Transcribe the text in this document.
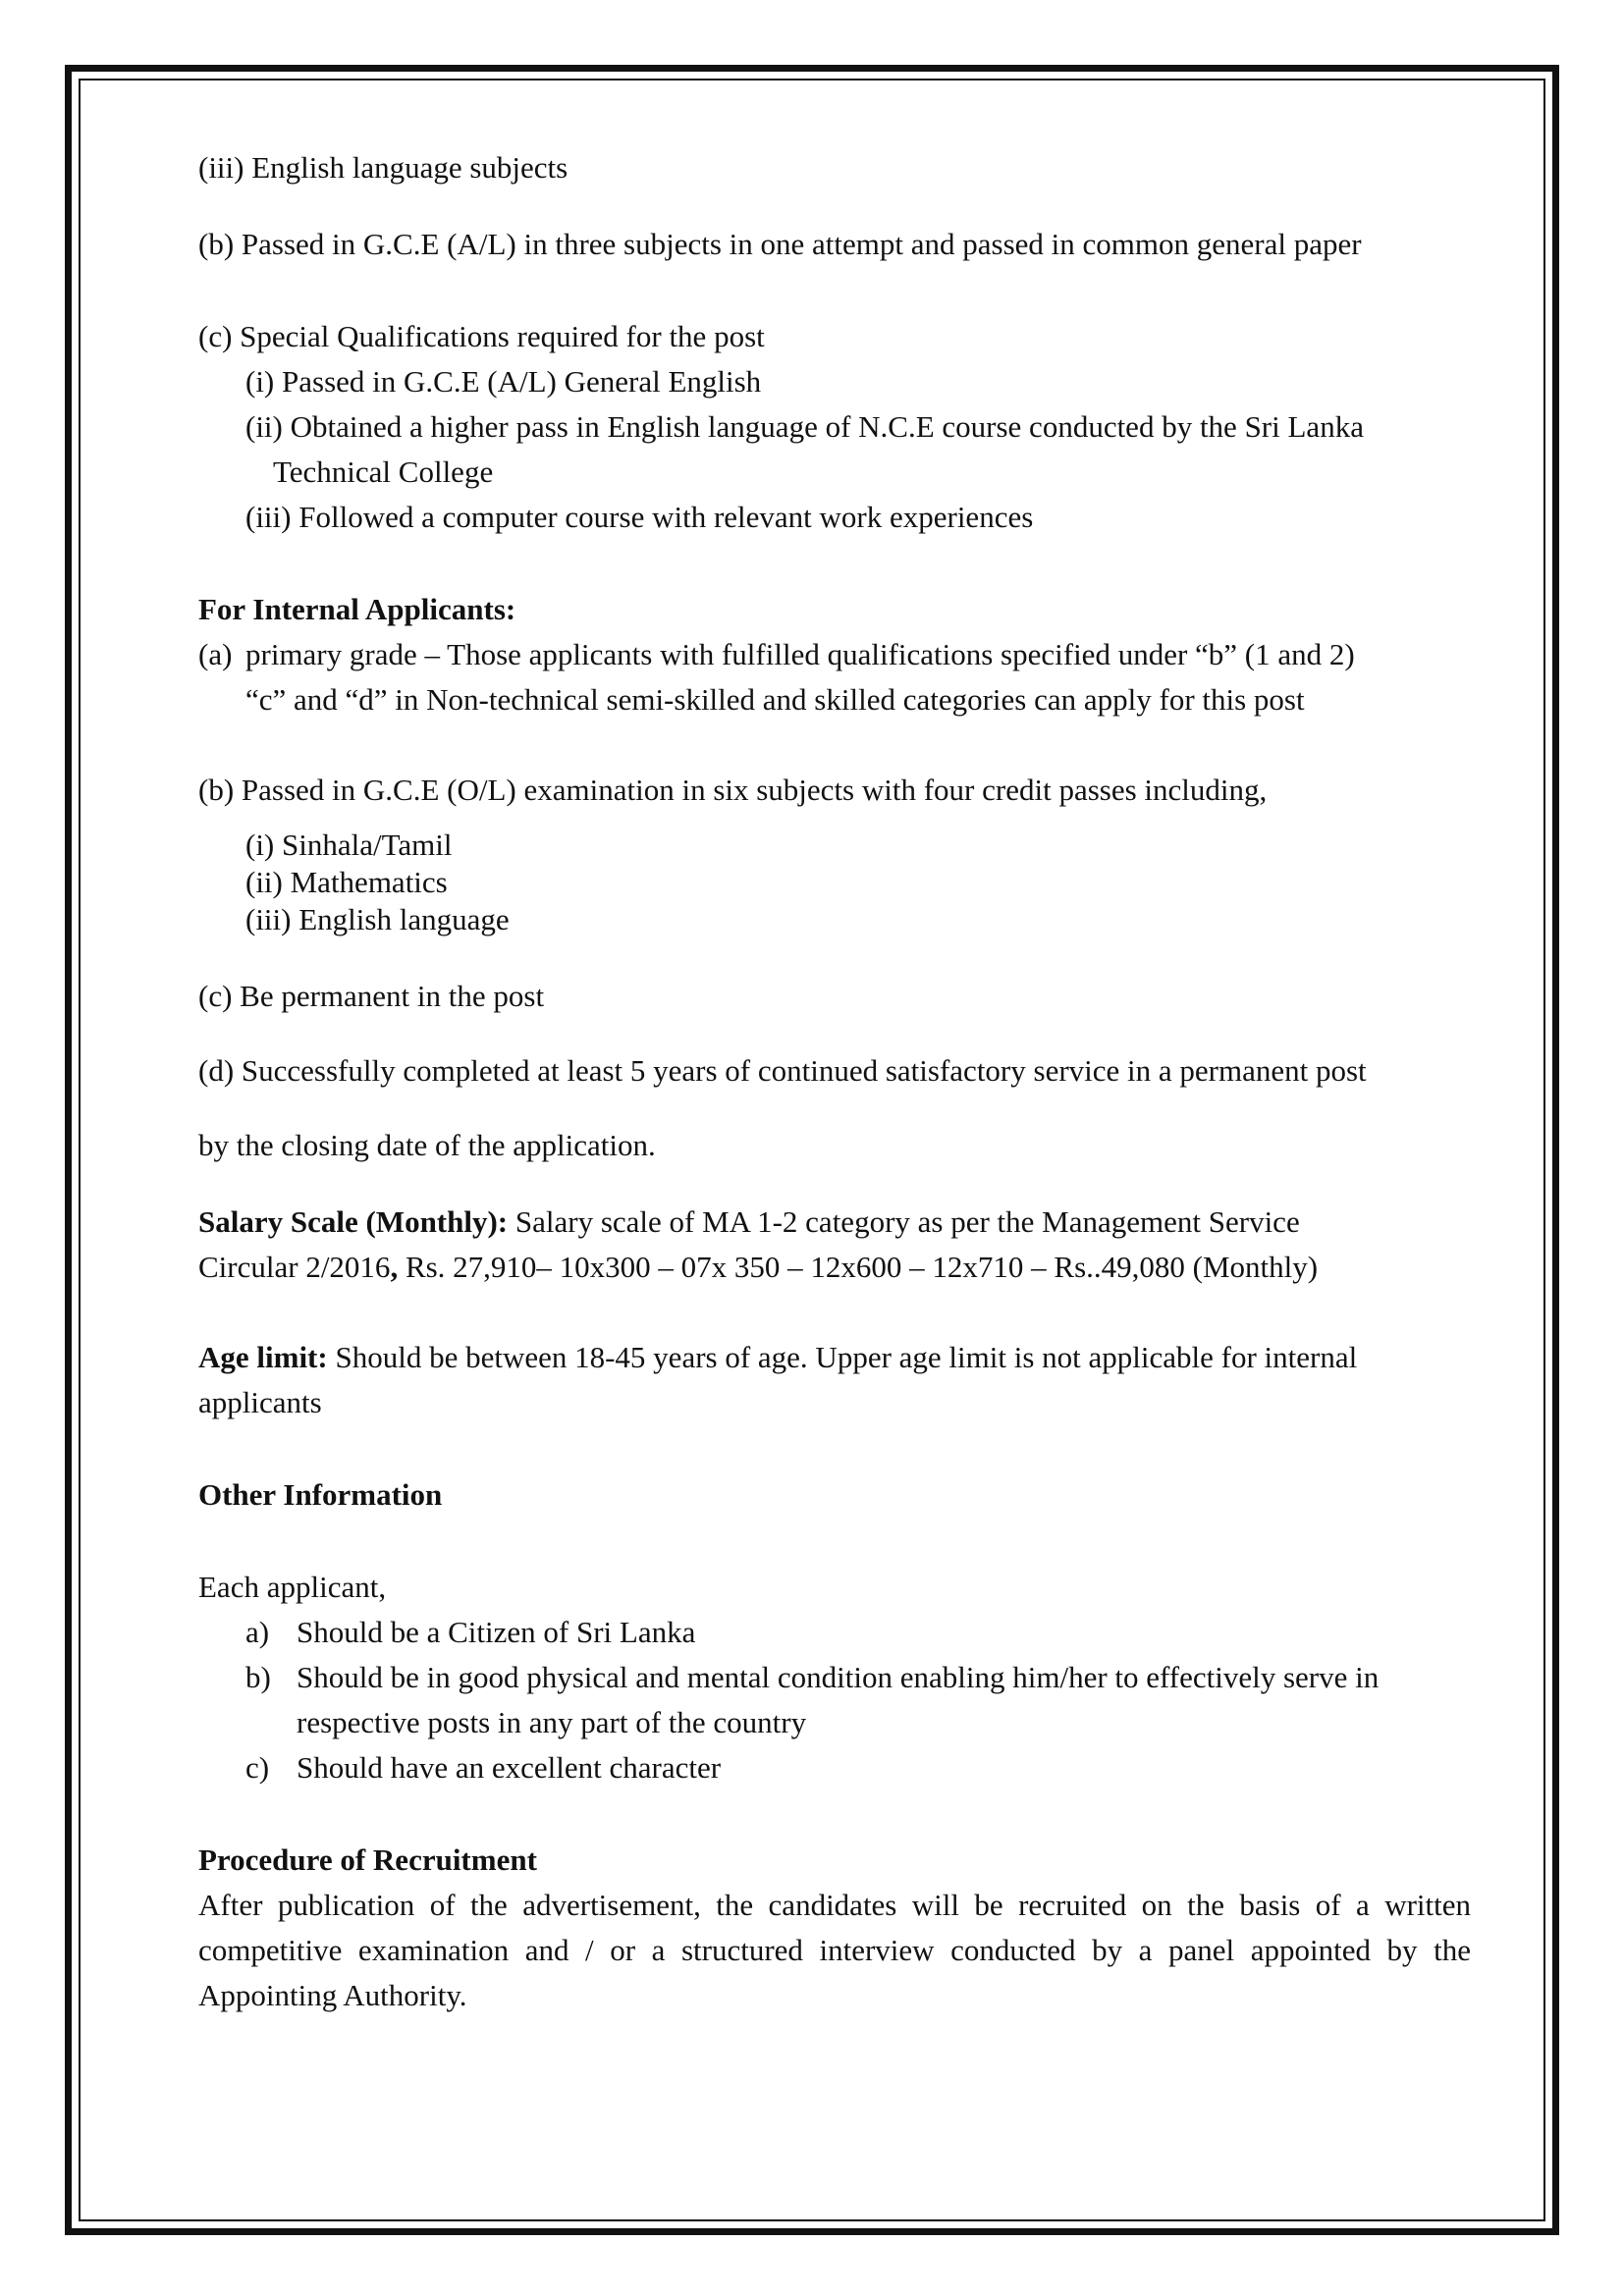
(iii) English language subjects
(b) Passed in G.C.E (A/L) in three subjects in one attempt and passed in common general paper
(c) Special Qualifications required for the post
(i) Passed in G.C.E (A/L) General English
(ii) Obtained a higher pass in English language of N.C.E course conducted by the Sri Lanka
Technical College
(iii) Followed a computer course with relevant work experiences
For Internal Applicants:
(a) primary grade – Those applicants with fulfilled qualifications specified under “b” (1 and 2)
“c” and “d” in Non-technical semi-skilled and skilled categories can apply for this post
(b) Passed in G.C.E (O/L) examination in six subjects with four credit passes including,
(i) Sinhala/Tamil
(ii) Mathematics
(iii) English language
(c) Be permanent in the post
(d) Successfully completed at least 5 years of continued satisfactory service in a permanent post
by the closing date of the application.
Salary Scale (Monthly): Salary scale of MA 1-2 category as per the Management Service
Circular 2/2016, Rs. 27,910– 10x300 – 07x 350 – 12x600 – 12x710 – Rs..49,080 (Monthly)
Age limit: Should be between 18-45 years of age. Upper age limit is not applicable for internal
applicants
Other Information
Each applicant,
a) Should be a Citizen of Sri Lanka
b) Should be in good physical and mental condition enabling him/her to effectively serve in
respective posts in any part of the country
c) Should have an excellent character
Procedure of Recruitment
After publication of the advertisement, the candidates will be recruited on the basis of a written
competitive examination and / or a structured interview conducted by a panel appointed by the
Appointing Authority.
